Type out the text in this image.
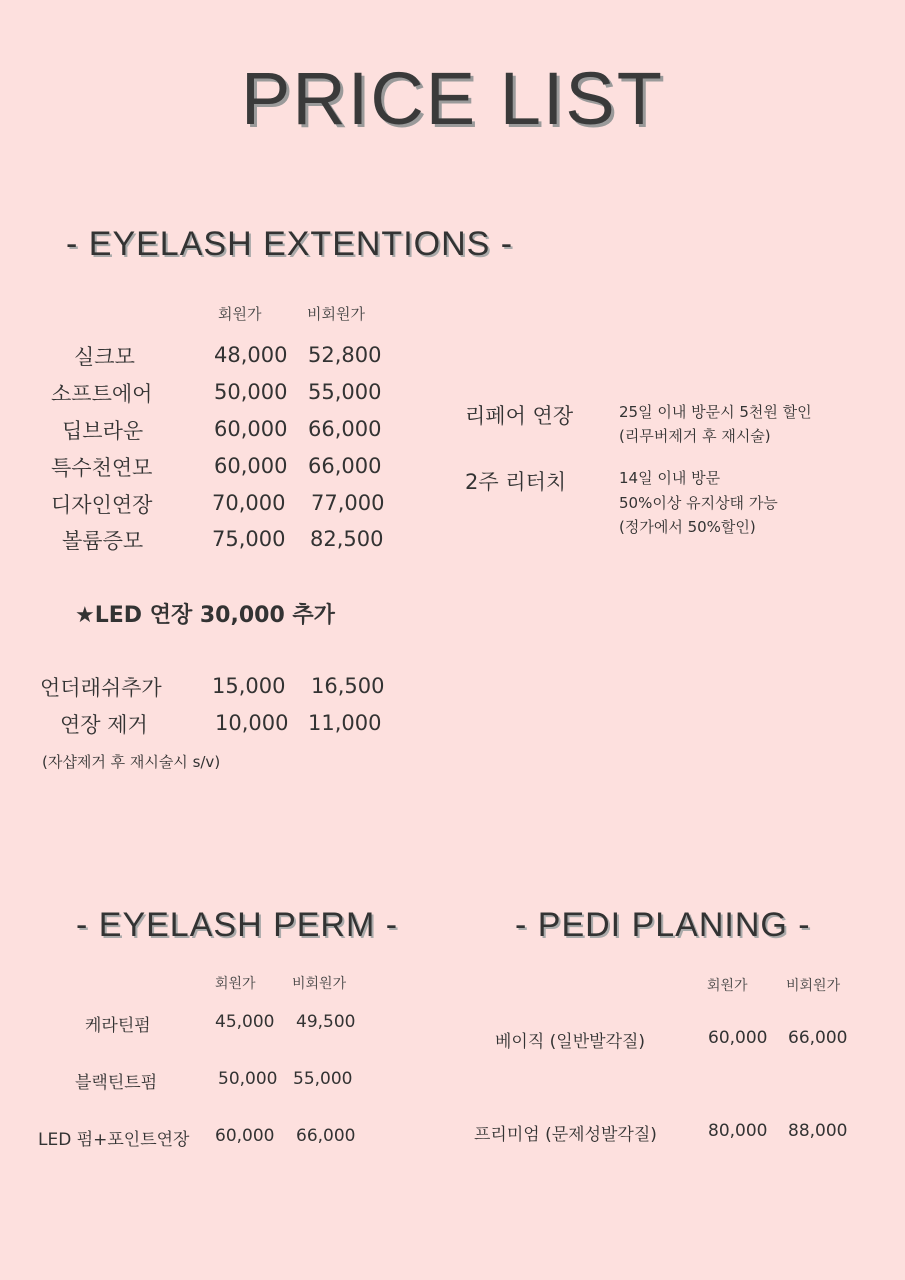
PRICE LIST
- EYELASH EXTENTIONS -
회원가	비회원가
실크모	48,000 52,800
소프트에어	50,000 55,000
딥브라운	60,000 66,000
특수천연모	60,000 66,000
디자인연장	70,000 77,000
볼륨증모	75,000 82,500
리페어 연장	25일 이내 방문시 5천원 할인
(리무버제거 후 재시술)
2주 리터치	14일 이내 방문
50%이상 유지상태 가능
(정가에서 50%할인)
★LED 연장 30,000 추가
언더래쉬추가 15,000 16,500
연장 제거	10,000 11,000
(자샵제거 후 재시술시 s/v)
- EYELASH PERM -
회원가	비회원가
케라틴펌	45,000 49,500
블랙틴트펌	50,000 55,000
LED 펌+포인트연장 60,000 66,000
- PEDI PLANING -
회원가	비회원가
베이직 (일반발각질)	60,000 66,000
프리미엄 (문제성발각질)	80,000 88,000
